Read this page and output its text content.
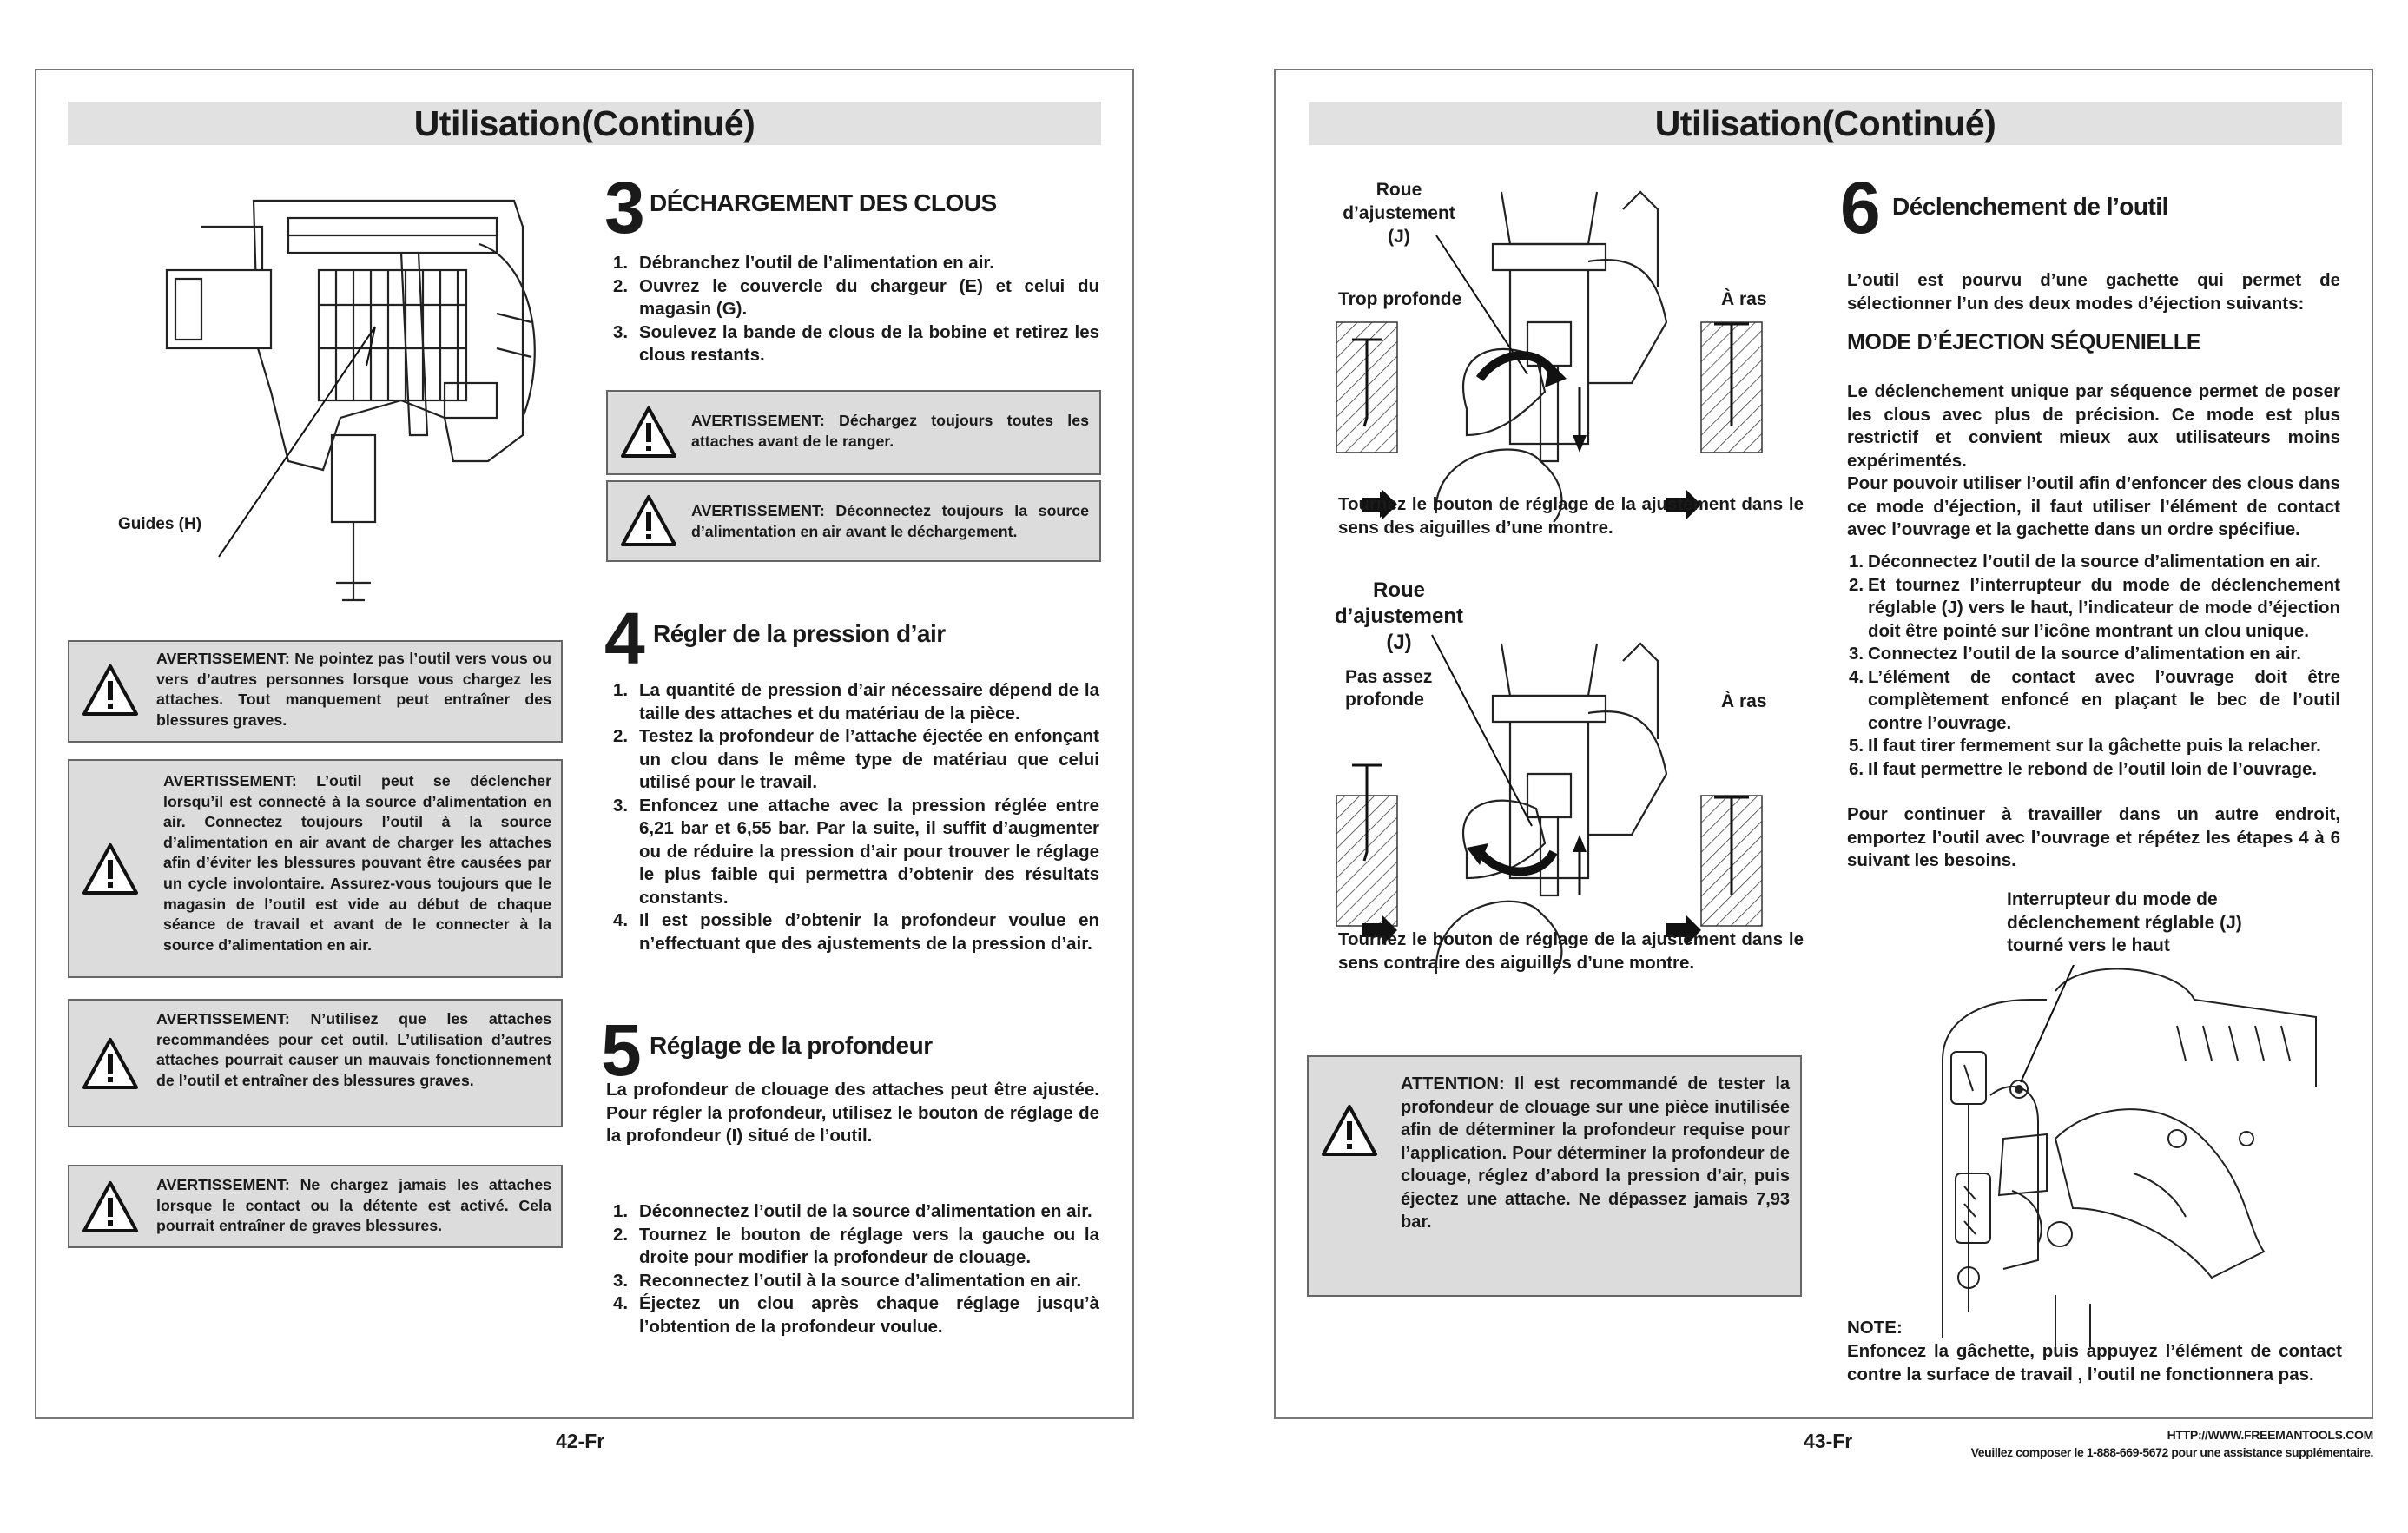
Utilisation(Continué)
Guides (H)
AVERTISSEMENT: Ne pointez pas l’outil vers vous ou vers d’autres personnes lorsque vous chargez les attaches. Tout manquement peut entraîner des blessures graves.
AVERTISSEMENT: L’outil peut se déclencher lorsqu’il est connecté à la source d’alimentation en air. Connectez toujours l’outil à la source d’alimentation en air avant de charger les attaches afin d’éviter les blessures pouvant être causées par un cycle involontaire. Assurez-vous toujours que le magasin de l’outil est vide au début de chaque séance de travail et avant de le connecter à la source d’alimentation en air.
AVERTISSEMENT: N’utilisez que les attaches recommandées pour cet outil. L’utilisation d’autres attaches pourrait causer un mauvais fonctionnement de l’outil et entraîner des blessures graves.
AVERTISSEMENT: Ne chargez jamais les attaches lorsque le contact ou la détente est activé. Cela pourrait entraîner de graves blessures.
3 DÉCHARGEMENT DES CLOUS
1. Débranchez l’outil de l’alimentation en air.
2. Ouvrez le couvercle du chargeur (E) et celui du magasin (G).
3. Soulevez la bande de clous de la bobine et retirez les clous restants.
AVERTISSEMENT: Déchargez toujours toutes les attaches avant de le ranger.
AVERTISSEMENT: Déconnectez toujours la source d’alimentation en air avant le déchargement.
4 Régler de la pression d’air
1. La quantité de pression d’air nécessaire dépend de la taille des attaches et du matériau de la pièce.
2. Testez la profondeur de l’attache éjectée en enfonçant un clou dans le même type de matériau que celui utilisé pour le travail.
3. Enfoncez une attache avec la pression réglée entre 6,21 bar et 6,55 bar. Par la suite, il suffit d’augmenter ou de réduire la pression d’air pour trouver le réglage le plus faible qui permettra d’obtenir des résultats constants.
4. Il est possible d’obtenir la profondeur voulue en n’effectuant que des ajustements de la pression d’air.
5 Réglage de la profondeur
La profondeur de clouage des attaches peut être ajustée. Pour régler la profondeur, utilisez le bouton de réglage de la profondeur (I) situé de l’outil.
1. Déconnectez l’outil de la source d’alimentation en air.
2. Tournez le bouton de réglage vers la gauche ou la droite pour modifier la profondeur de clouage.
3. Reconnectez l’outil à la source d’alimentation en air.
4. Éjectez un clou après chaque réglage jusqu’à l’obtention de la profondeur voulue.
42-Fr
Utilisation(Continué)
Roue d’ajustement (J)
Trop profonde	À ras
Tournez le bouton de réglage de la ajustement dans le sens des aiguilles d’une montre.
Roue d’ajustement (J)
Pas assez profonde	À ras
Tournez le bouton de réglage de la ajustement dans le sens contraire des aiguilles d’une montre.
ATTENTION: Il est recommandé de tester la profondeur de clouage sur une pièce inutilisée afin de déterminer la profondeur requise pour l’application. Pour déterminer la profondeur de clouage, réglez d’abord la pression d’air, puis éjectez une attache. Ne dépassez jamais 7,93 bar.
6 Déclenchement de l’outil
L’outil est pourvu d’une gachette qui permet de sélectionner l’un des deux modes d’éjection suivants:
MODE D’ÉJECTION SÉQUENIELLE
Le déclenchement unique par séquence permet de poser les clous avec plus de précision. Ce mode est plus restrictif et convient mieux aux utilisateurs moins expérimentés.
Pour pouvoir utiliser l’outil afin d’enfoncer des clous dans ce mode d’éjection, il faut utiliser l’élément de contact avec l’ouvrage et la gachette dans un ordre spécifiue.
1. Déconnectez l’outil de la source d’alimentation en air.
2. Et tournez l’interrupteur du mode de déclenchement réglable (J) vers le haut, l’indicateur de mode d’éjection doit être pointé sur l’icône montrant un clou unique.
3. Connectez l’outil de la source d’alimentation en air.
4. L’élément de contact avec l’ouvrage doit être complètement enfoncé en plaçant le bec de l’outil contre l’ouvrage.
5. Il faut tirer fermement sur la gâchette puis la relacher.
6. Il faut permettre le rebond de l’outil loin de l’ouvrage.
Pour continuer à travailler dans un autre endroit, emportez l’outil avec l’ouvrage et répétez les étapes 4 à 6 suivant les besoins.
Interrupteur du mode de déclenchement réglable (J) tourné vers le haut
NOTE:
Enfoncez la gâchette, puis appuyez l’élément de contact contre la surface de travail , l’outil ne fonctionnera pas.
43-Fr	HTTP://WWW.FREEMANTOOLS.COM
Veuillez composer le 1-888-669-5672 pour une assistance supplémentaire.
